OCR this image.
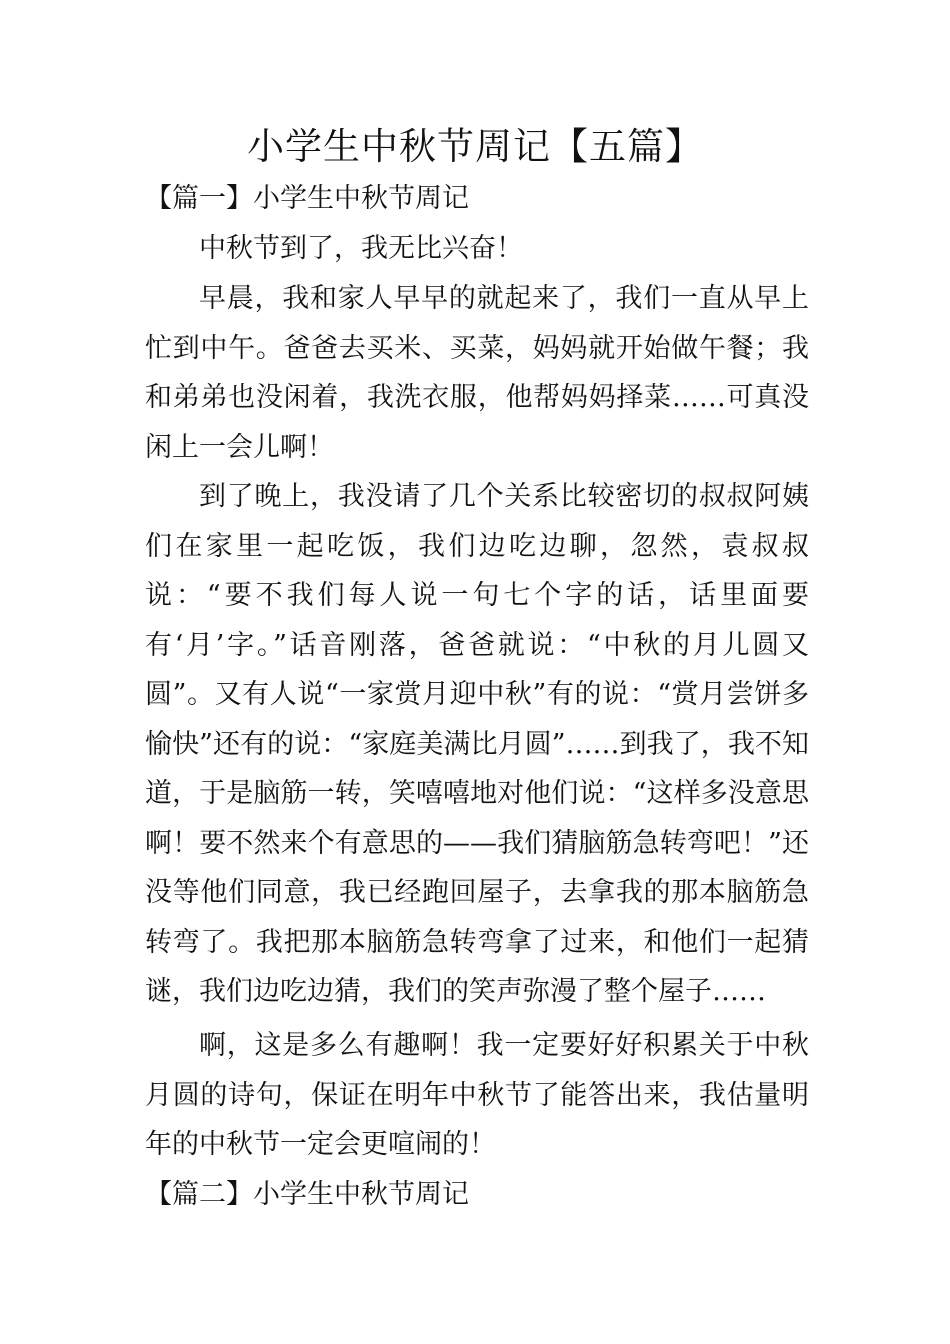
小学生中秋节周记【五篇】
【篇一】小学生中秋节周记

中秋节到了，我无比兴奋！

早晨，我和家人早早的就起来了，我们一直从早上忙到中午。爸爸去买米、买菜，妈妈就开始做午餐；我和弟弟也没闲着，我洗衣服，他帮妈妈择菜……可真没闲上一会儿啊！

到了晚上，我没请了几个关系比较密切的叔叔阿姨们在家里一起吃饭，我们边吃边聊，忽然，袁叔叔说：“要不我们每人说一句七个字的话，话里面要有‘月’字。”话音刚落，爸爸就说：“中秋的月儿圆又圆”。又有人说“一家赏月迎中秋”有的说：“赏月尝饼多愉快”还有的说：“家庭美满比月圆”……到我了，我不知道，于是脑筋一转，笑嘻嘻地对他们说：“这样多没意思啊！要不然来个有意思的——我们猜脑筋急转弯吧！”还没等他们同意，我已经跑回屋子，去拿我的那本脑筋急转弯了。我把那本脑筋急转弯拿了过来，和他们一起猜谜，我们边吃边猜，我们的笑声弥漫了整个屋子……

啊，这是多么有趣啊！我一定要好好积累关于中秋月圆的诗句，保证在明年中秋节了能答出来，我估量明年的中秋节一定会更喧闹的！

【篇二】小学生中秋节周记
